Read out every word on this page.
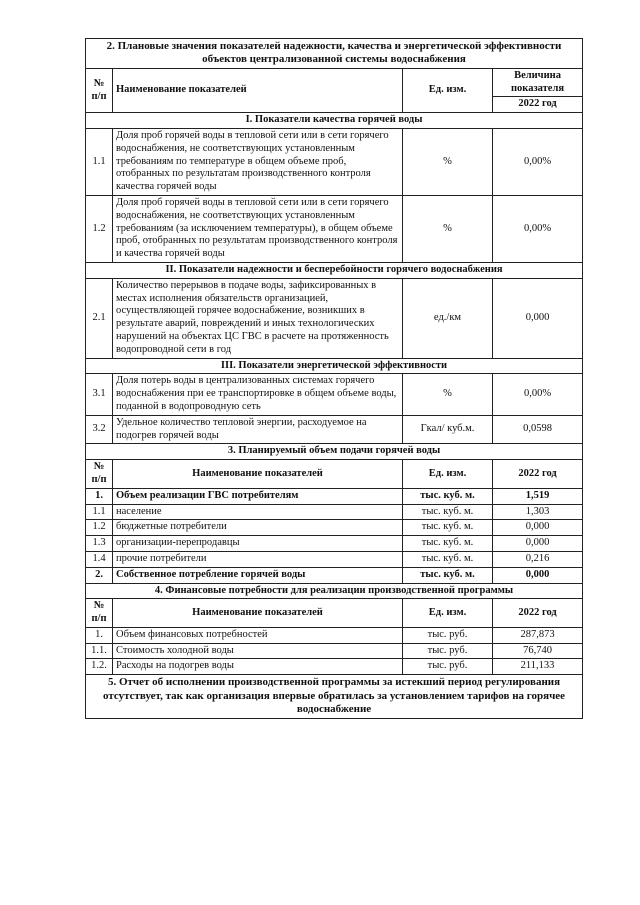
2. Плановые значения показателей надежности, качества и энергетической эффективности объектов централизованной системы водоснабжения			
№ п/п	Наименование показателей	Ед. изм.	Величина показателя
			2022 год
I. Показатели качества горячей воды			
1.1	Доля проб горячей воды в тепловой сети или в сети горячего водоснабжения, не соответствующих установленным требованиям по температуре в общем объеме проб, отобранных по результатам производственного контроля качества горячей воды	%	0,00%
1.2	Доля проб горячей воды в тепловой сети или в сети горячего водоснабжения, не соответствующих установленным требованиям (за исключением температуры), в общем объеме проб, отобранных по результатам производственного контроля и качества горячей воды	%	0,00%
II. Показатели надежности и бесперебойности горячего водоснабжения			
2.1	Количество перерывов в подаче воды, зафиксированных в местах исполнения обязательств организацией, осуществляющей горячее водоснабжение, возникших в результате аварий, повреждений и иных технологических нарушений на объектах ЦС ГВС в расчете на протяженность водопроводной сети в год	ед./км	0,000
III. Показатели энергетической эффективности			
3.1	Доля потерь воды в централизованных системах горячего водоснабжения при ее транспортировке в общем объеме воды, поданной в водопроводную сеть	%	0,00%
3.2	Удельное количество тепловой энергии, расходуемое на подогрев горячей воды	Гкал/ куб.м.	0,0598
3. Планируемый объем подачи горячей воды			
№ п/п	Наименование показателей	Ед. изм.	2022 год
1.	Объем реализации ГВС потребителям	тыс. куб. м.	1,519
1.1	население	тыс. куб. м.	1,303
1.2	бюджетные потребители	тыс. куб. м.	0,000
1.3	организации-перепродавцы	тыс. куб. м.	0,000
1.4	прочие потребители	тыс. куб. м.	0,216
2.	Собственное потребление горячей воды	тыс. куб. м.	0,000
4. Финансовые потребности для реализации производственной программы			
№ п/п	Наименование показателей	Ед. изм.	2022 год
1.	Объем финансовых потребностей	тыс. руб.	287,873
1.1.	Стоимость холодной воды	тыс. руб.	76,740
1.2.	Расходы на подогрев воды	тыс. руб.	211,133
5. Отчет об исполнении производственной программы за истекший период регулирования отсутствует, так как организация впервые обратилась за установлением тарифов на горячее водоснабжение			
